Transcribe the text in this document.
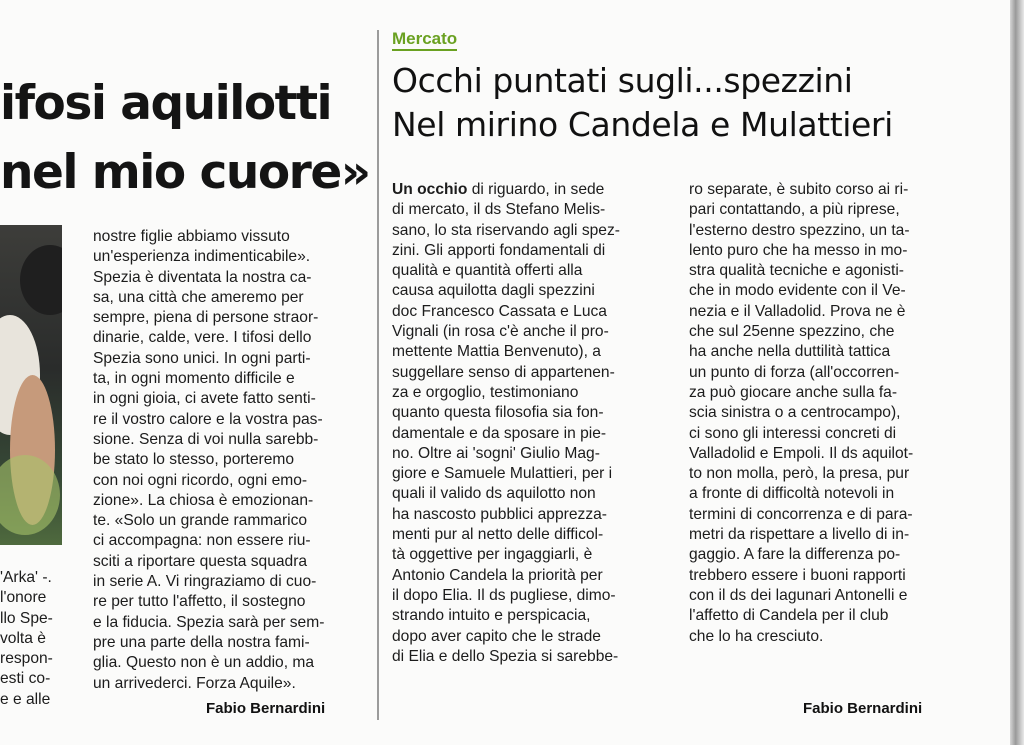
ifosi aquilotti
nel mio cuore»

'Arka' -.

l'onore

llo Spe-

volta è

respon-

esti co-

e e alle

nostre figlie abbiamo vissuto

un'esperienza indimenticabile».

Spezia è diventata la nostra ca-

sa, una città che ameremo per

sempre, piena di persone straor-

dinarie, calde, vere. I tifosi dello

Spezia sono unici. In ogni parti-

ta, in ogni momento difficile e

in ogni gioia, ci avete fatto senti-

re il vostro calore e la vostra pas-

sione. Senza di voi nulla sarebb-

be stato lo stesso, porteremo

con noi ogni ricordo, ogni emo-

zione». La chiosa è emozionan-

te. «Solo un grande rammarico

ci accompagna: non essere riu-

sciti a riportare questa squadra

in serie A. Vi ringraziamo di cuo-

re per tutto l'affetto, il sostegno

e la fiducia. Spezia sarà per sem-

pre una parte della nostra fami-

glia. Questo non è un addio, ma

un arrivederci. Forza Aquile».

Fabio Bernardini
Mercato
Occhi puntati sugli...spezzini
Nel mirino Candela e Mulattieri

Un occhio di riguardo, in sede

di mercato, il ds Stefano Melis-

sano, lo sta riservando agli spez-

zini. Gli apporti fondamentali di

qualità e quantità offerti alla

causa aquilotta dagli spezzini

doc Francesco Cassata e Luca

Vignali (in rosa c'è anche il pro-

mettente Mattia Benvenuto), a

suggellare senso di appartenen-

za e orgoglio, testimoniano

quanto questa filosofia sia fon-

damentale e da sposare in pie-

no. Oltre ai 'sogni' Giulio Mag-

giore e Samuele Mulattieri, per i

quali il valido ds aquilotto non

ha nascosto pubblici apprezza-

menti pur al netto delle difficol-

tà oggettive per ingaggiarli, è

Antonio Candela la priorità per

il dopo Elia. Il ds pugliese, dimo-

strando intuito e perspicacia,

dopo aver capito che le strade

di Elia e dello Spezia si sarebbe-

ro separate, è subito corso ai ri-

pari contattando, a più riprese,

l'esterno destro spezzino, un ta-

lento puro che ha messo in mo-

stra qualità tecniche e agonisti-

che in modo evidente con il Ve-

nezia e il Valladolid. Prova ne è

che sul 25enne spezzino, che

ha anche nella duttilità tattica

un punto di forza (all'occorren-

za può giocare anche sulla fa-

scia sinistra o a centrocampo),

ci sono gli interessi concreti di

Valladolid e Empoli. Il ds aquilot-

to non molla, però, la presa, pur

a fronte di difficoltà notevoli in

termini di concorrenza e di para-

metri da rispettare a livello di in-

gaggio. A fare la differenza po-

trebbero essere i buoni rapporti

con il ds dei lagunari Antonelli e

l'affetto di Candela per il club

che lo ha cresciuto.

Fabio Bernardini
